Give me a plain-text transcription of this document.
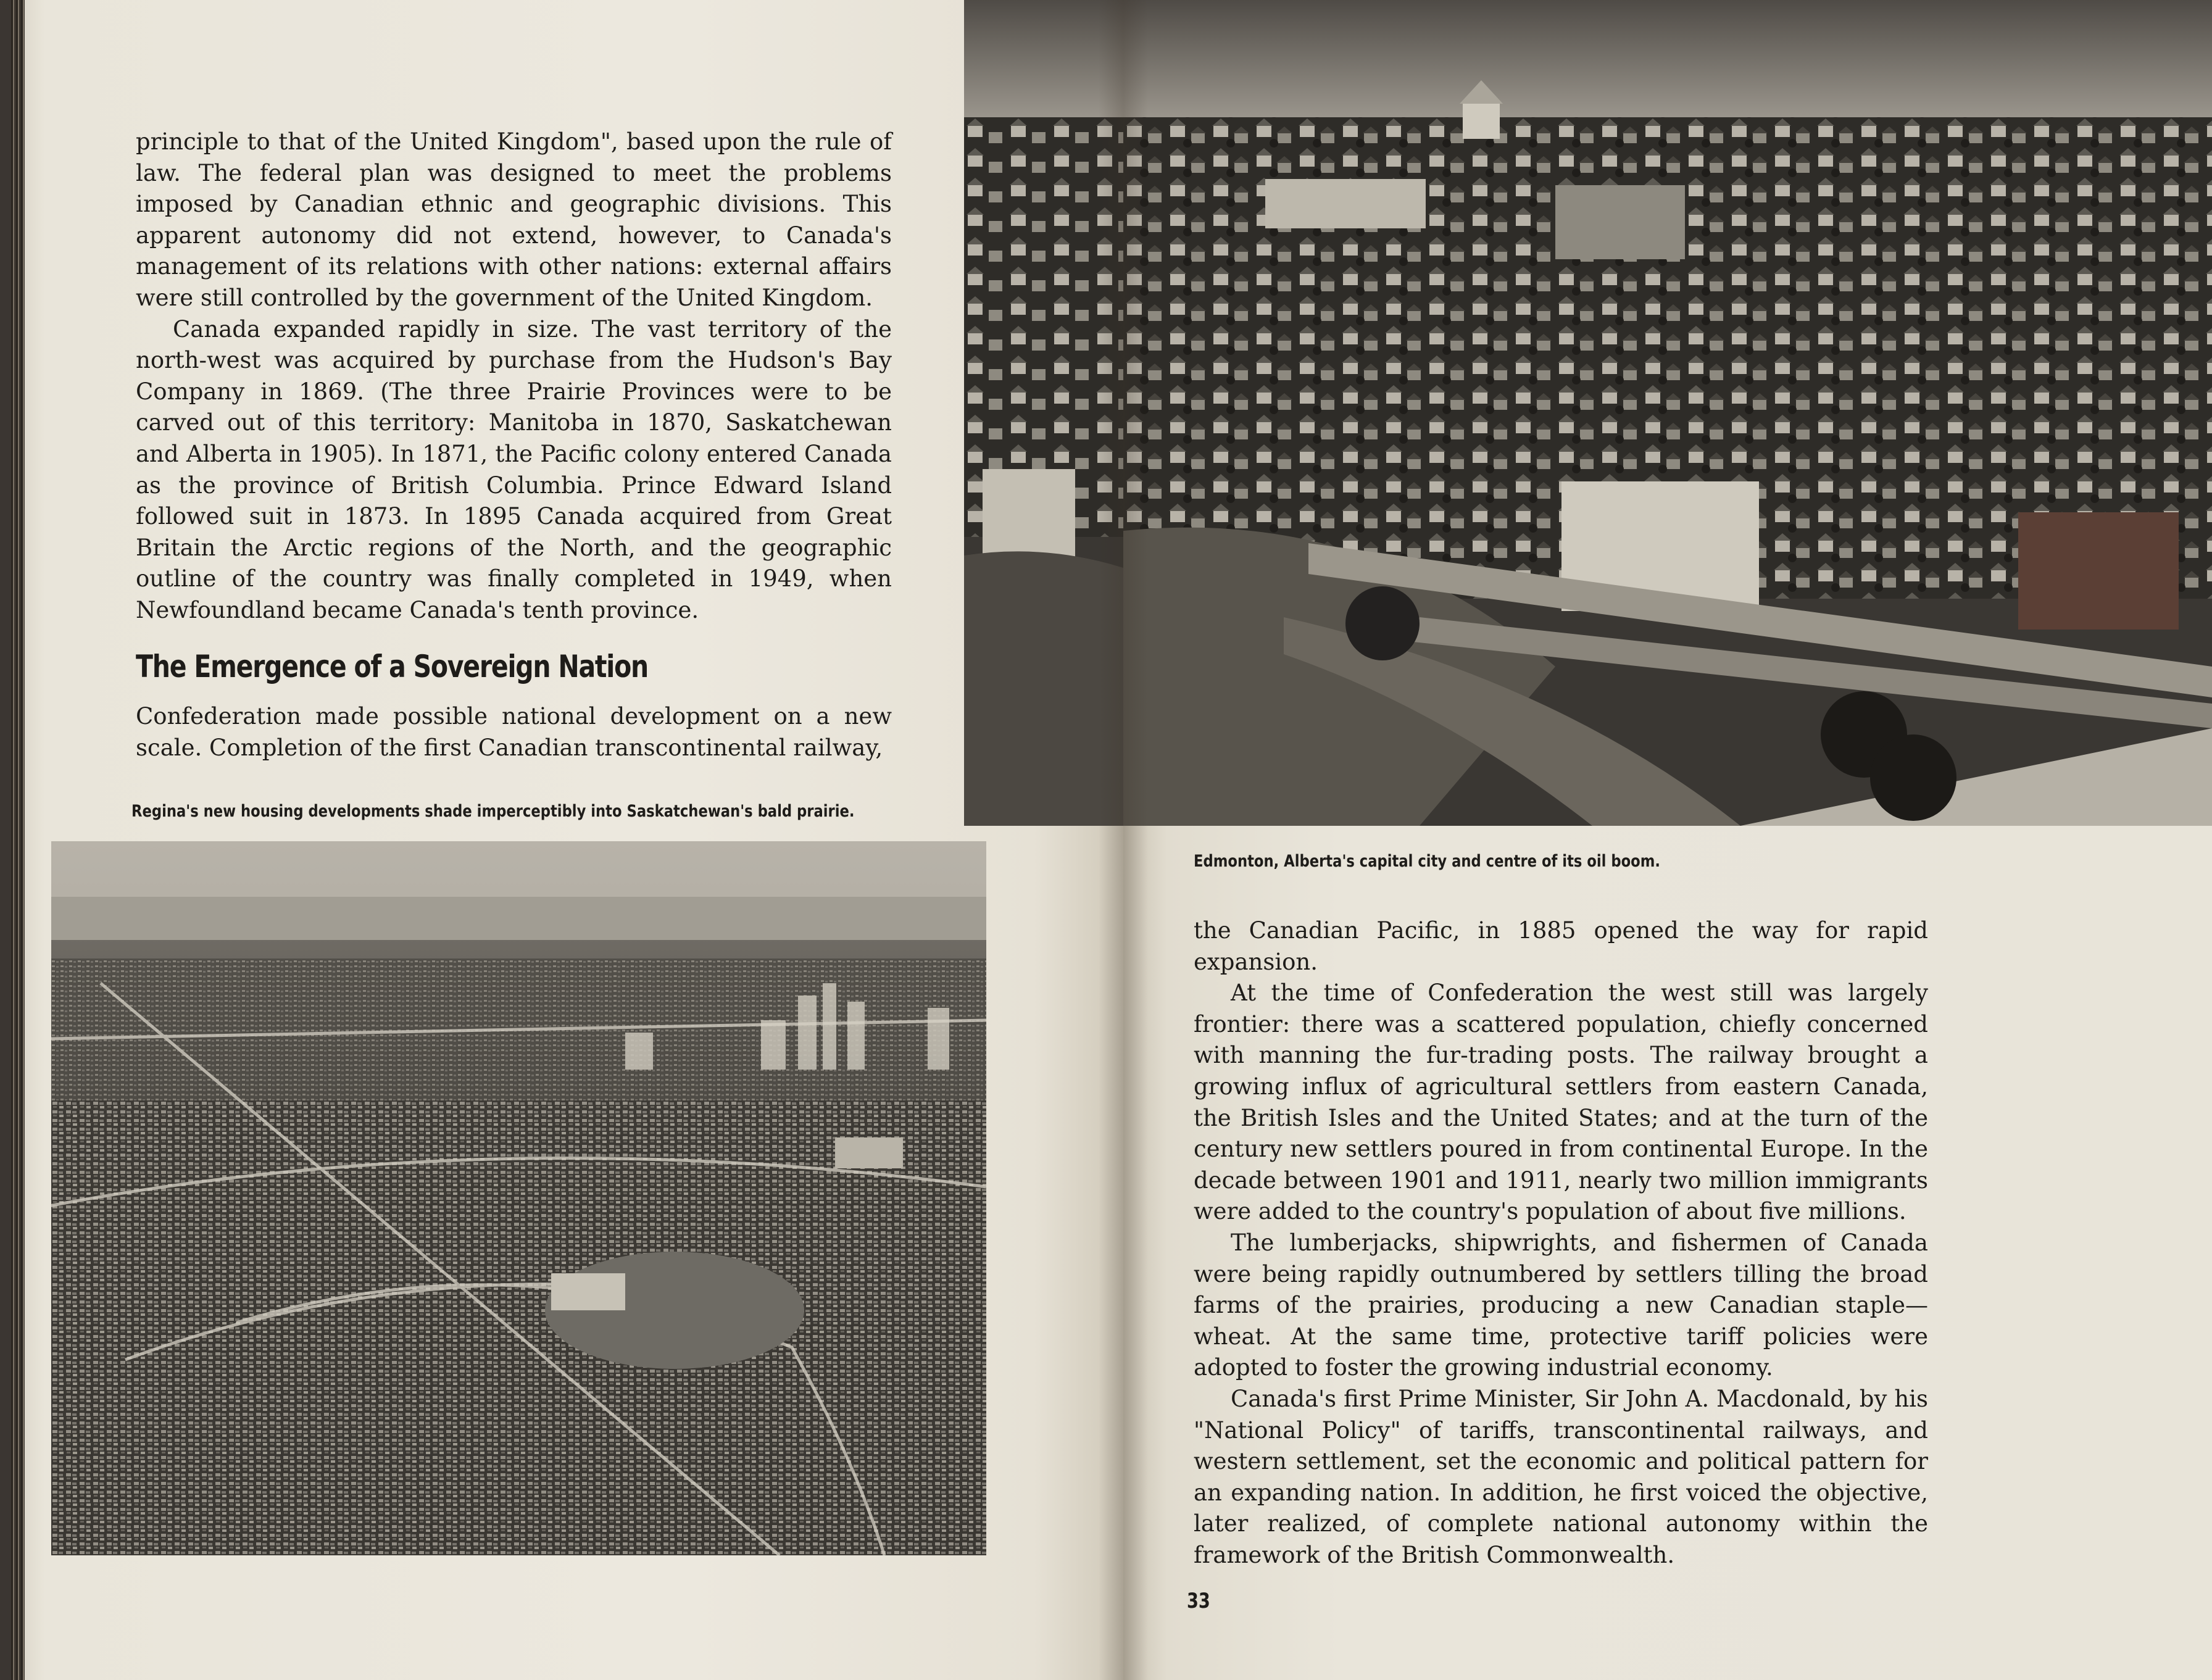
principle to that of the United Kingdom", based upon the rule of law. The federal plan was designed to meet the problems imposed by Canadian ethnic and geographic divisions. This apparent autonomy did not extend, however, to Canada's management of its relations with other nations: external affairs were still controlled by the government of the United Kingdom.

Canada expanded rapidly in size. The vast territory of the north-west was acquired by purchase from the Hudson's Bay Company in 1869. (The three Prairie Provinces were to be carved out of this territory: Manitoba in 1870, Saskatchewan and Alberta in 1905). In 1871, the Pacific colony entered Canada as the province of British Columbia. Prince Edward Island followed suit in 1873. In 1895 Canada acquired from Great Britain the Arctic regions of the North, and the geographic outline of the country was finally completed in 1949, when Newfoundland became Canada's tenth province.

The Emergence of a Sovereign Nation

Confederation made possible national development on a new scale. Completion of the first Canadian transcontinental railway,

Regina's new housing developments shade imperceptibly into Saskatchewan's bald prairie.

Edmonton, Alberta's capital city and centre of its oil boom.

the Canadian Pacific, in 1885 opened the way for rapid expansion.

At the time of Confederation the west still was largely frontier: there was a scattered population, chiefly concerned with manning the fur-trading posts. The railway brought a growing influx of agricultural settlers from eastern Canada, the British Isles and the United States; and at the turn of the century new settlers poured in from continental Europe. In the decade between 1901 and 1911, nearly two million immigrants were added to the country's population of about five millions.

The lumberjacks, shipwrights, and fishermen of Canada were being rapidly outnumbered by settlers tilling the broad farms of the prairies, producing a new Canadian staple—wheat. At the same time, protective tariff policies were adopted to foster the growing industrial economy.

Canada's first Prime Minister, Sir John A. Macdonald, by his "National Policy" of tariffs, transcontinental railways, and western settlement, set the economic and political pattern for an expanding nation. In addition, he first voiced the objective, later realized, of complete national autonomy within the framework of the British Commonwealth.

33
